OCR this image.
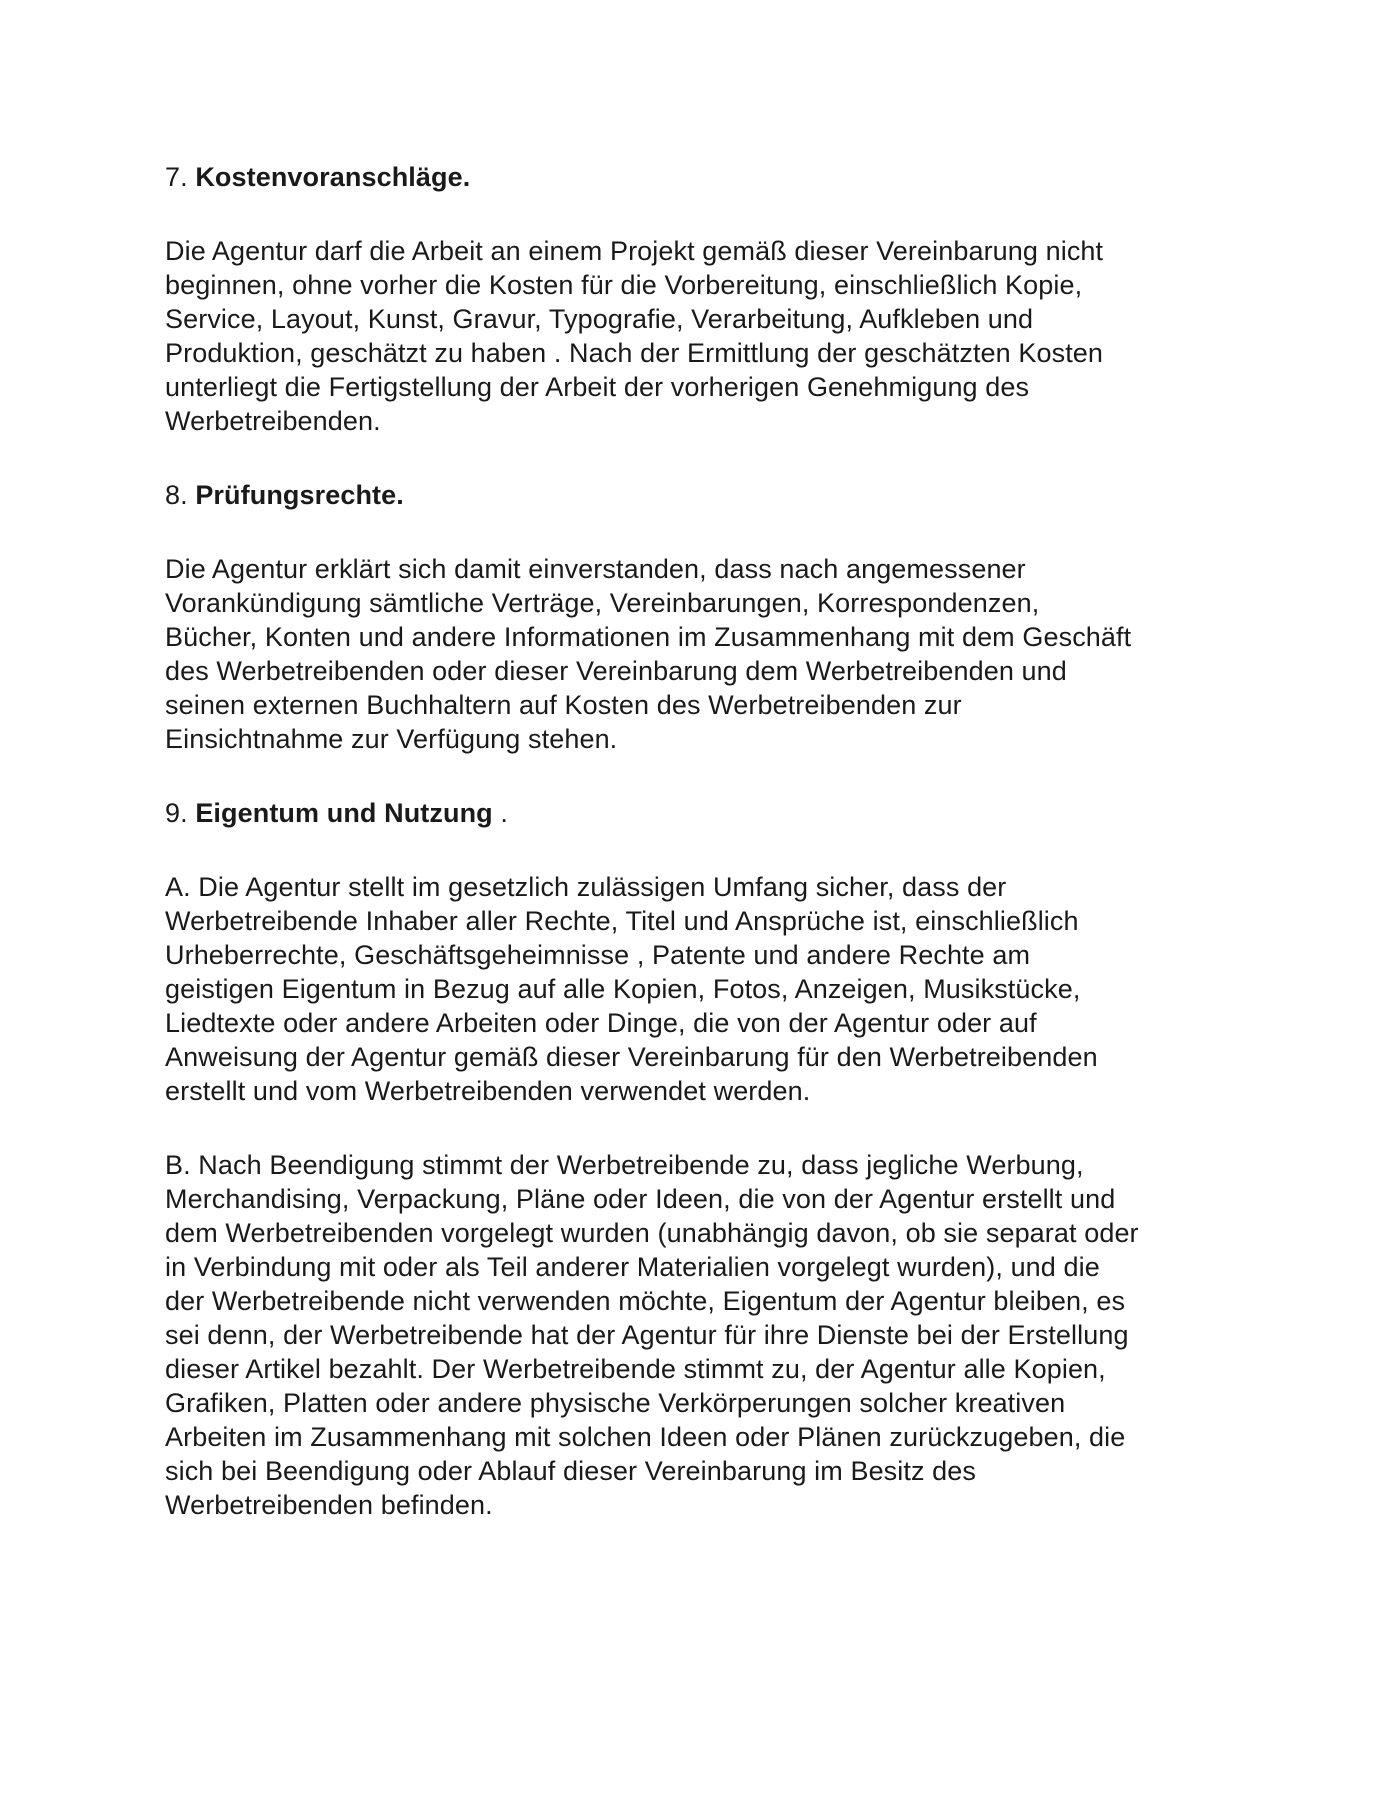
7. Kostenvoranschläge.
Die Agentur darf die Arbeit an einem Projekt gemäß dieser Vereinbarung nicht
beginnen, ohne vorher die Kosten für die Vorbereitung, einschließlich Kopie,
Service, Layout, Kunst, Gravur, Typografie, Verarbeitung, Aufkleben und
Produktion, geschätzt zu haben . Nach der Ermittlung der geschätzten Kosten
unterliegt die Fertigstellung der Arbeit der vorherigen Genehmigung des
Werbetreibenden.
8. Prüfungsrechte.
Die Agentur erklärt sich damit einverstanden, dass nach angemessener
Vorankündigung sämtliche Verträge, Vereinbarungen, Korrespondenzen,
Bücher, Konten und andere Informationen im Zusammenhang mit dem Geschäft
des Werbetreibenden oder dieser Vereinbarung dem Werbetreibenden und
seinen externen Buchhaltern auf Kosten des Werbetreibenden zur
Einsichtnahme zur Verfügung stehen.
9. Eigentum und Nutzung .
A. Die Agentur stellt im gesetzlich zulässigen Umfang sicher, dass der
Werbetreibende Inhaber aller Rechte, Titel und Ansprüche ist, einschließlich
Urheberrechte, Geschäftsgeheimnisse , Patente und andere Rechte am
geistigen Eigentum in Bezug auf alle Kopien, Fotos, Anzeigen, Musikstücke,
Liedtexte oder andere Arbeiten oder Dinge, die von der Agentur oder auf
Anweisung der Agentur gemäß dieser Vereinbarung für den Werbetreibenden
erstellt und vom Werbetreibenden verwendet werden.
B. Nach Beendigung stimmt der Werbetreibende zu, dass jegliche Werbung,
Merchandising, Verpackung, Pläne oder Ideen, die von der Agentur erstellt und
dem Werbetreibenden vorgelegt wurden (unabhängig davon, ob sie separat oder
in Verbindung mit oder als Teil anderer Materialien vorgelegt wurden), und die
der Werbetreibende nicht verwenden möchte, Eigentum der Agentur bleiben, es
sei denn, der Werbetreibende hat der Agentur für ihre Dienste bei der Erstellung
dieser Artikel bezahlt. Der Werbetreibende stimmt zu, der Agentur alle Kopien,
Grafiken, Platten oder andere physische Verkörperungen solcher kreativen
Arbeiten im Zusammenhang mit solchen Ideen oder Plänen zurückzugeben, die
sich bei Beendigung oder Ablauf dieser Vereinbarung im Besitz des
Werbetreibenden befinden.
